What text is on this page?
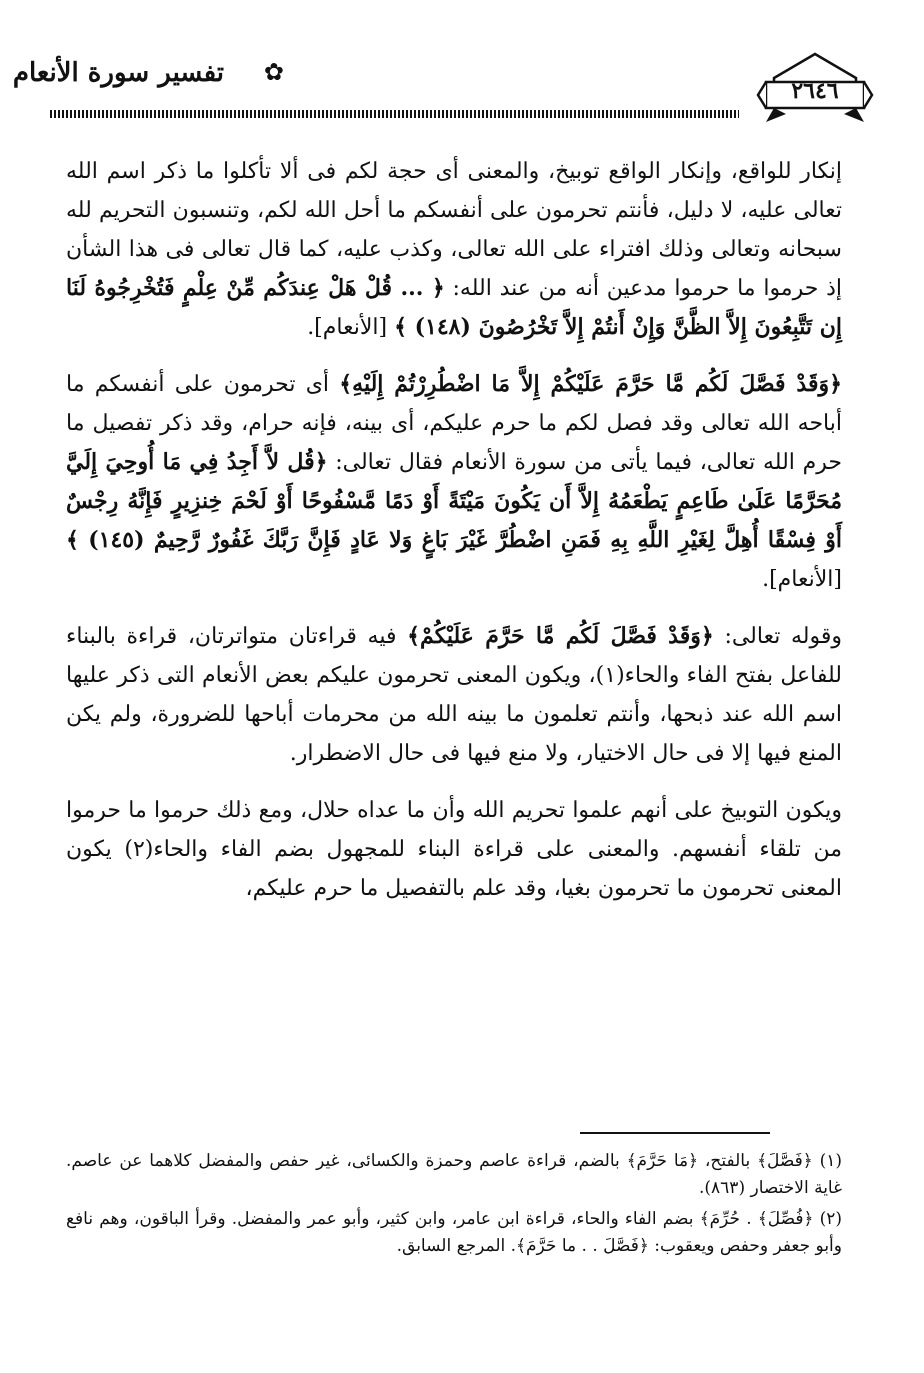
✿
تفسير سورة الأنعام
٢٦٤٦

إنكار للواقع، وإنكار الواقع توبيخ، والمعنى أى حجة لكم فى ألا تأكلوا ما ذكر اسم الله تعالى عليه، لا دليل، فأنتم تحرمون على أنفسكم ما أحل الله لكم، وتنسبون التحريم لله سبحانه وتعالى وذلك افتراء على الله تعالى، وكذب عليه، كما قال تعالى فى هذا الشأن إذ حرموا ما حرموا مدعين أنه من عند الله: ﴿ ... قُلْ هَلْ عِندَكُم مِّنْ عِلْمٍ فَتُخْرِجُوهُ لَنَا إِن تَتَّبِعُونَ إِلاَّ الظَّنَّ وَإِنْ أَنتُمْ إِلاَّ تَخْرُصُونَ (١٤٨) ﴾ [الأنعام].

﴿وَقَدْ فَصَّلَ لَكُم مَّا حَرَّمَ عَلَيْكُمْ إِلاَّ مَا اضْطُرِرْتُمْ إِلَيْهِ﴾ أى تحرمون على أنفسكم ما أباحه الله تعالى وقد فصل لكم ما حرم عليكم، أى بينه، فإنه حرام، وقد ذكر تفصيل ما حرم الله تعالى، فيما يأتى من سورة الأنعام فقال تعالى: ﴿قُل لاَّ أَجِدُ فِي مَا أُوحِيَ إِلَيَّ مُحَرَّمًا عَلَىٰ طَاعِمٍ يَطْعَمُهُ إِلاَّ أَن يَكُونَ مَيْتَةً أَوْ دَمًا مَّسْفُوحًا أَوْ لَحْمَ خِنزِيرٍ فَإِنَّهُ رِجْسٌ أَوْ فِسْقًا أُهِلَّ لِغَيْرِ اللَّهِ بِهِ فَمَنِ اضْطُرَّ غَيْرَ بَاغٍ وَلا عَادٍ فَإِنَّ رَبَّكَ غَفُورٌ رَّحِيمٌ (١٤٥) ﴾ [الأنعام].

وقوله تعالى: ﴿وَقَدْ فَصَّلَ لَكُم مَّا حَرَّمَ عَلَيْكُمْ﴾ فيه قراءتان متواترتان، قراءة بالبناء للفاعل بفتح الفاء والحاء(١)، ويكون المعنى تحرمون عليكم بعض الأنعام التى ذكر عليها اسم الله عند ذبحها، وأنتم تعلمون ما بينه الله من محرمات أباحها للضرورة، ولم يكن المنع فيها إلا فى حال الاختيار، ولا منع فيها فى حال الاضطرار.

ويكون التوبيخ على أنهم علموا تحريم الله وأن ما عداه حلال، ومع ذلك حرموا ما حرموا من تلقاء أنفسهم. والمعنى على قراءة البناء للمجهول بضم الفاء والحاء(٢) يكون المعنى تحرمون ما تحرمون بغيا، وقد علم بالتفصيل ما حرم عليكم،

(١) ﴿فَصَّلَ﴾ بالفتح، ﴿مَا حَرَّمَ﴾ بالضم، قراءة عاصم وحمزة والكسائى، غير حفص والمفضل كلاهما عن عاصم. غاية الاختصار (٨٦٣).

(٢) ﴿فُصِّلَ﴾ . حُرِّمَ﴾ بضم الفاء والحاء، قراءة ابن عامر، وابن كثير، وأبو عمر والمفضل. وقرأ الباقون، وهم نافع وأبو جعفر وحفص ويعقوب: ﴿فَصَّلَ . . ما حَرَّمَ﴾. المرجع السابق.
